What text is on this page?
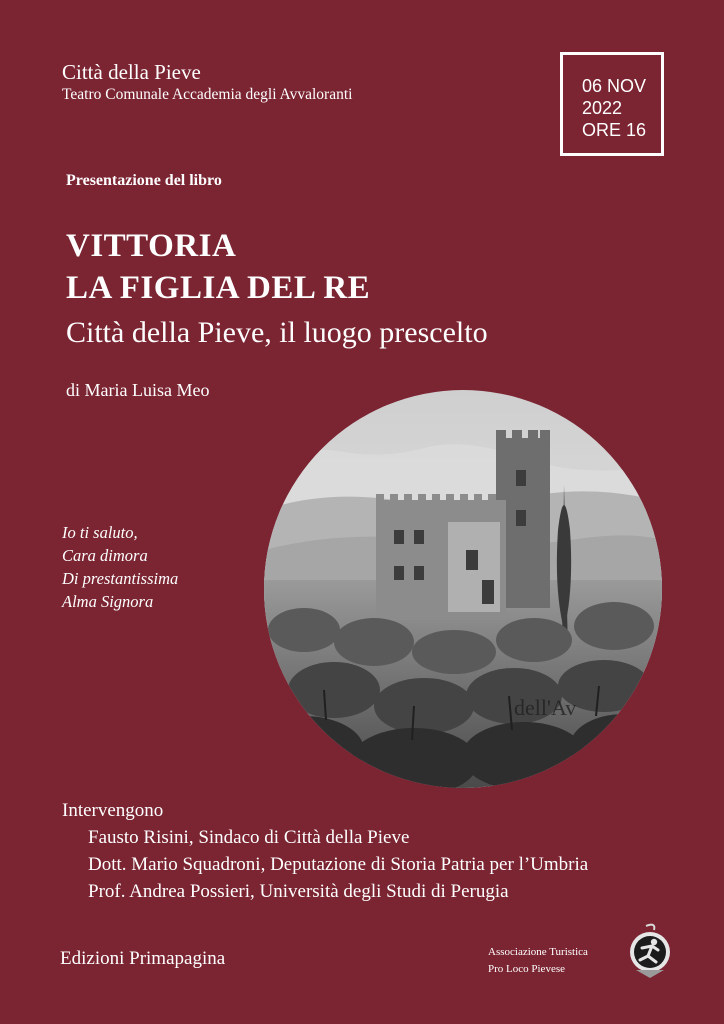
Città della Pieve
Teatro Comunale Accademia degli Avvaloranti	06 NOV
2022
ORE 16
Presentazione del libro
VITTORIA
LA FIGLIA DEL RE
Città della Pieve, il luogo prescelto
di Maria Luisa Meo
Io ti saluto,
Cara dimora
Di prestantissima
Alma Signora
dell'Av
Intervengono
Fausto Risini, Sindaco di Città della Pieve
Dott. Mario Squadroni, Deputazione di Storia Patria per l’Umbria
Prof. Andrea Possieri, Università degli Studi di Perugia
Edizioni Primapagina	Associazione Turistica
Pro Loco Pievese
